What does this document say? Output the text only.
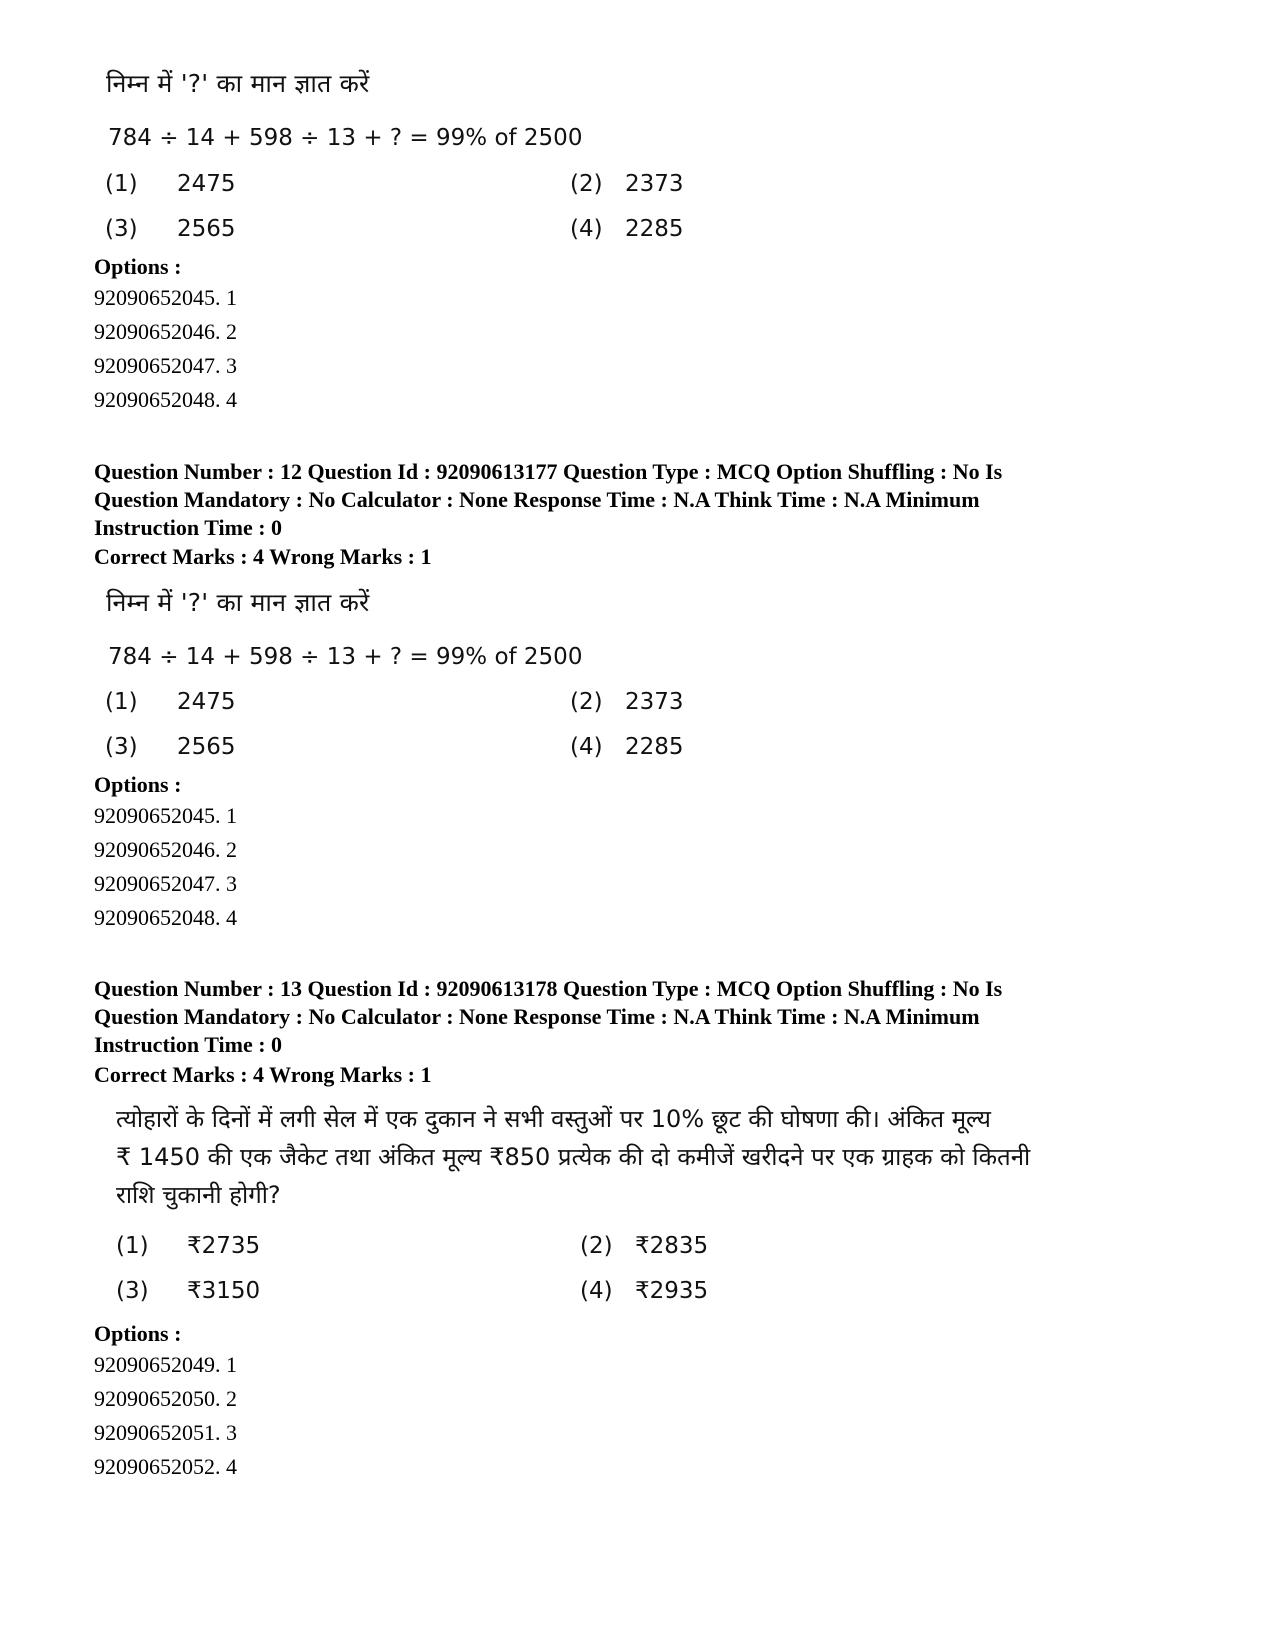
निम्न में '?' का मान ज्ञात करें
784 ÷ 14 + 598 ÷ 13 + ? = 99% of 2500
(1) 2475	(2) 2373
(3) 2565	(4) 2285
Options :
92090652045. 1
92090652046. 2
92090652047. 3
92090652048. 4
Question Number : 12 Question Id : 92090613177 Question Type : MCQ Option Shuffling : No Is
Question Mandatory : No Calculator : None Response Time : N.A Think Time : N.A Minimum
Instruction Time : 0
Correct Marks : 4 Wrong Marks : 1
निम्न में '?' का मान ज्ञात करें
784 ÷ 14 + 598 ÷ 13 + ? = 99% of 2500
(1) 2475	(2) 2373
(3) 2565	(4) 2285
Options :
92090652045. 1
92090652046. 2
92090652047. 3
92090652048. 4
Question Number : 13 Question Id : 92090613178 Question Type : MCQ Option Shuffling : No Is
Question Mandatory : No Calculator : None Response Time : N.A Think Time : N.A Minimum
Instruction Time : 0
Correct Marks : 4 Wrong Marks : 1
त्योहारों के दिनों में लगी सेल में एक दुकान ने सभी वस्तुओं पर 10% छूट की घोषणा की। अंकित मूल्य
₹ 1450 की एक जैकेट तथा अंकित मूल्य ₹850 प्रत्येक की दो कमीजें खरीदने पर एक ग्राहक को कितनी
राशि चुकानी होगी?
(1) ₹2735	(2) ₹2835
(3) ₹3150	(4) ₹2935
Options :
92090652049. 1
92090652050. 2
92090652051. 3
92090652052. 4
